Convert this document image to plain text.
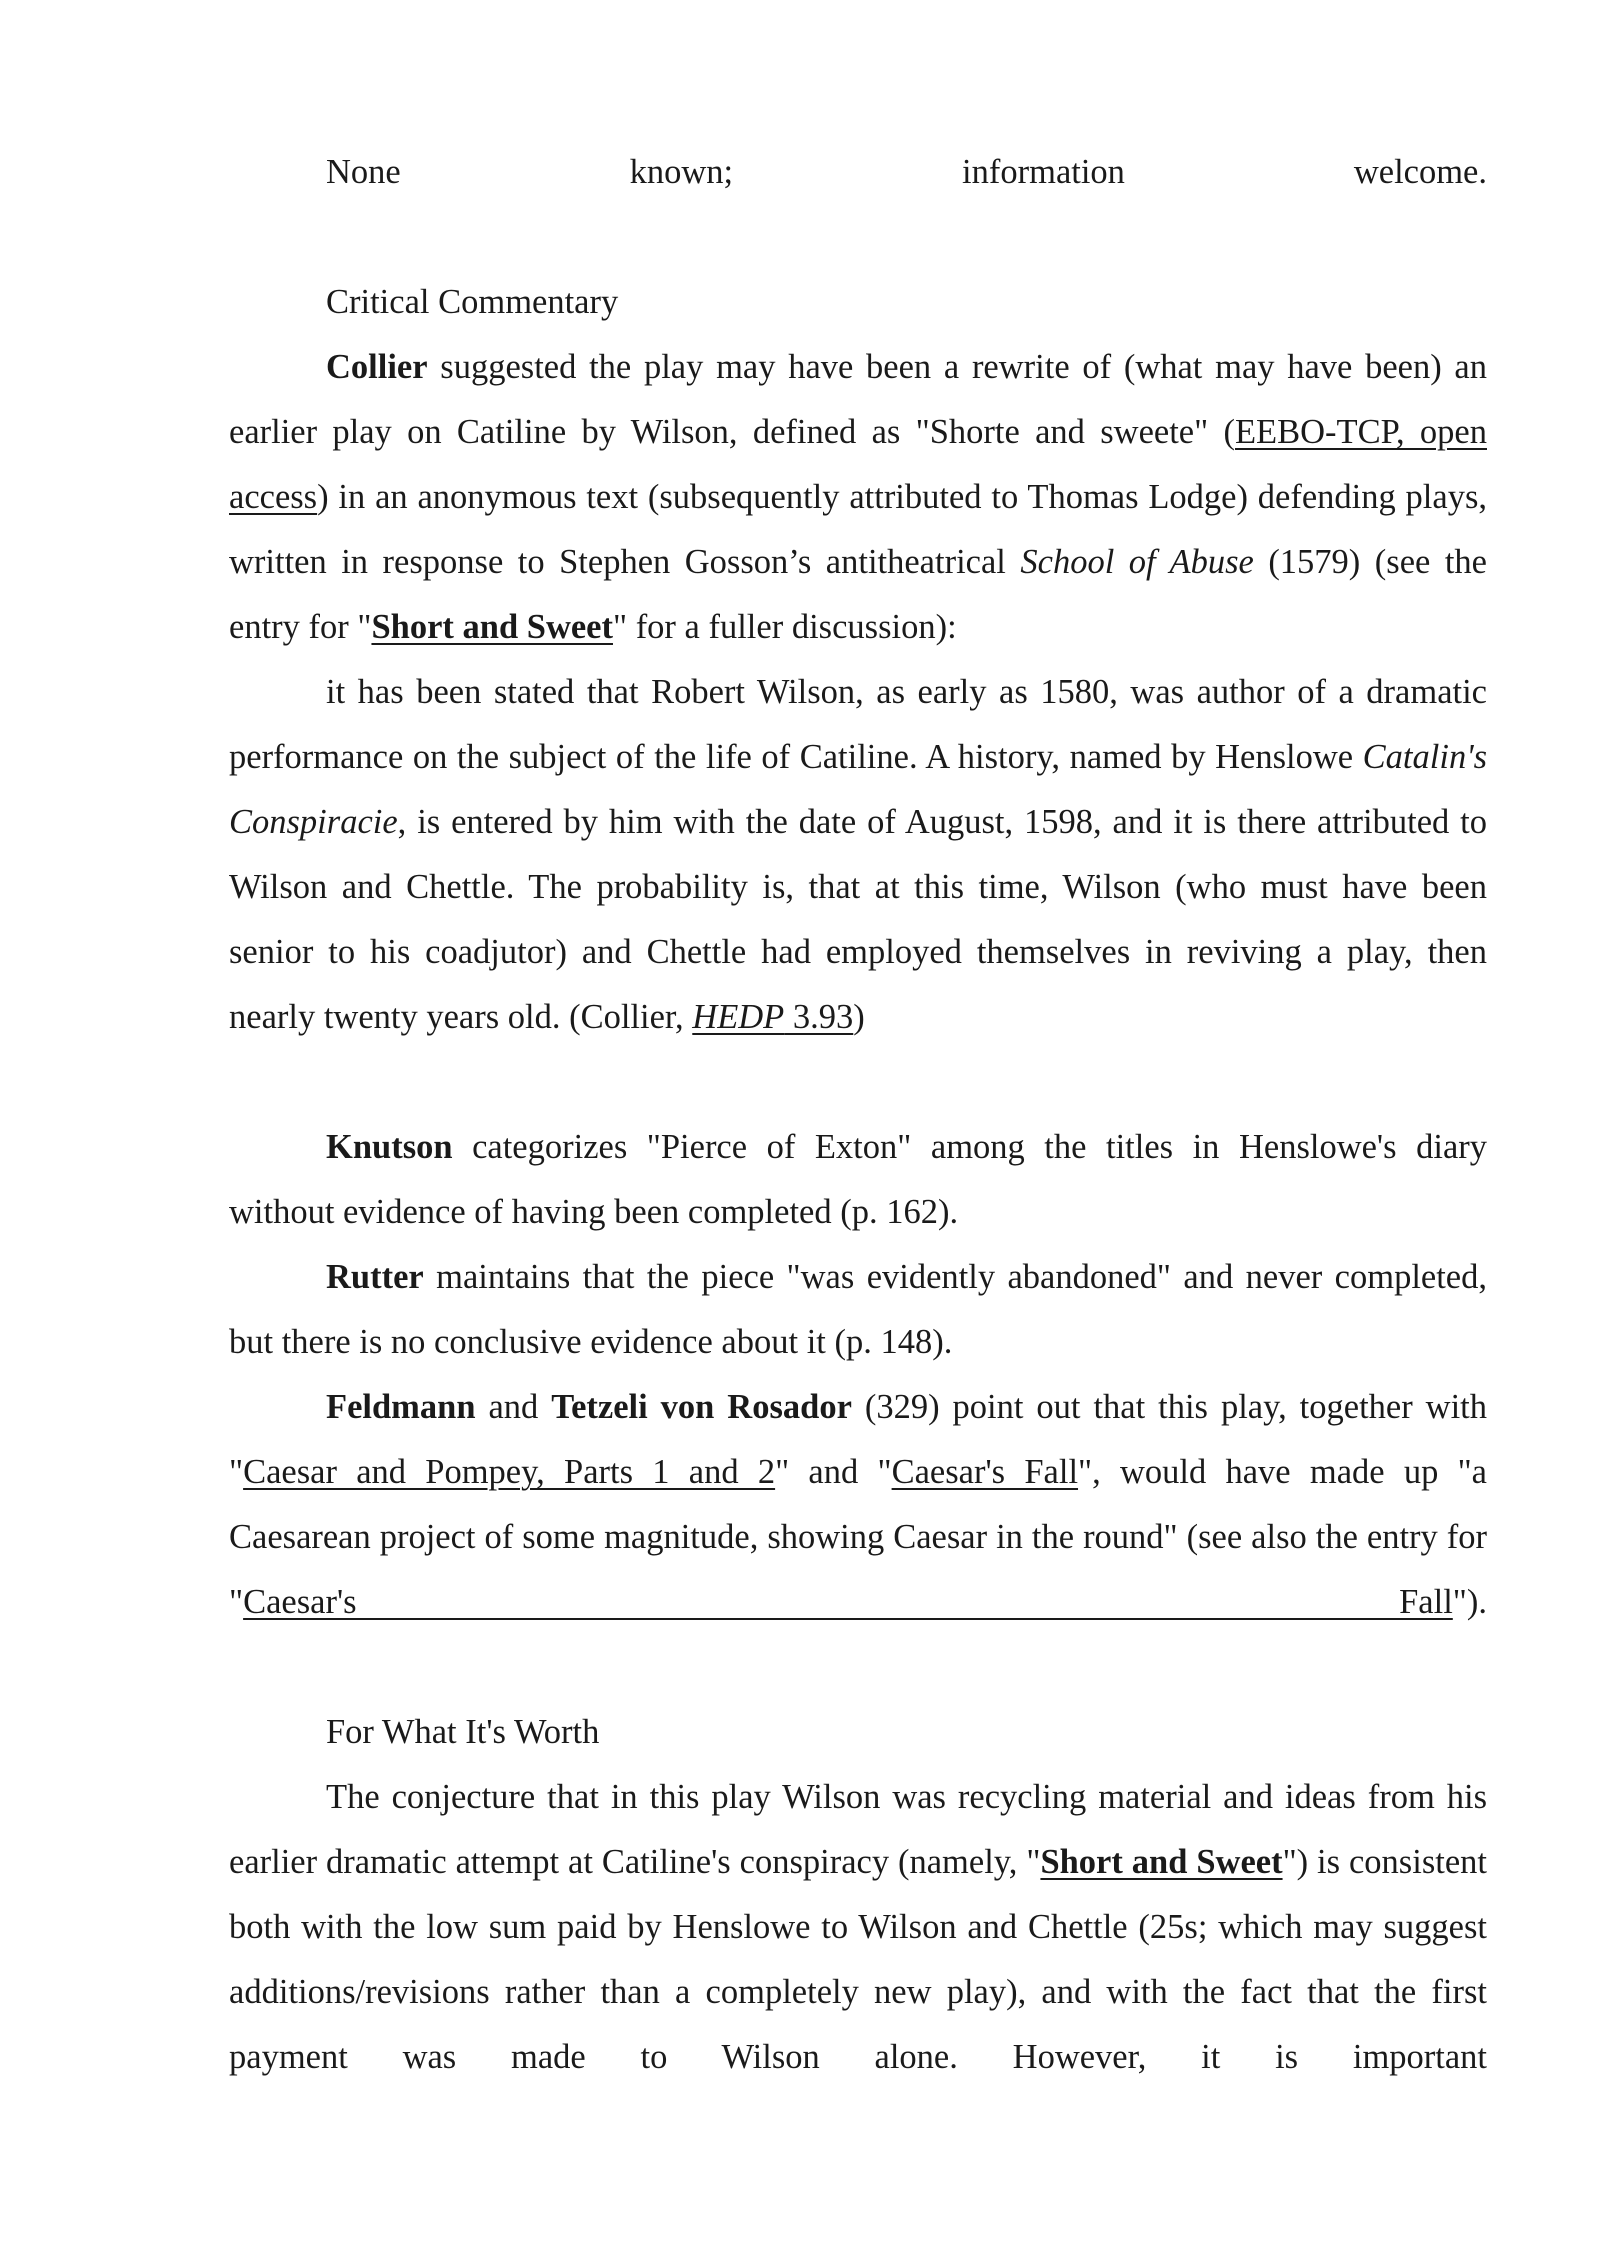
None known; information welcome.

Critical Commentary

Collier suggested the play may have been a rewrite of (what may have been) an earlier play on Catiline by Wilson, defined as "Shorte and sweete" (EEBO-TCP, open access) in an anonymous text (subsequently attributed to Thomas Lodge) defending plays, written in response to Stephen Gosson’s antitheatrical School of Abuse (1579) (see the entry for "Short and Sweet" for a fuller discussion):

it has been stated that Robert Wilson, as early as 1580, was author of a dramatic performance on the subject of the life of Catiline. A history, named by Henslowe Catalin's Conspiracie, is entered by him with the date of August, 1598, and it is there attributed to Wilson and Chettle. The probability is, that at this time, Wilson (who must have been senior to his coadjutor) and Chettle had employed themselves in reviving a play, then nearly twenty years old. (Collier, HEDP 3.93)

Knutson categorizes "Pierce of Exton" among the titles in Henslowe's diary without evidence of having been completed (p. 162).

Rutter maintains that the piece "was evidently abandoned" and never completed, but there is no conclusive evidence about it (p. 148).

Feldmann and Tetzeli von Rosador (329) point out that this play, together with "Caesar and Pompey, Parts 1 and 2" and "Caesar's Fall", would have made up "a Caesarean project of some magnitude, showing Caesar in the round" (see also the entry for "Caesar's Fall").

For What It's Worth

The conjecture that in this play Wilson was recycling material and ideas from his earlier dramatic attempt at Catiline's conspiracy (namely, "Short and Sweet") is consistent both with the low sum paid by Henslowe to Wilson and Chettle (25s; which may suggest additions/revisions rather than a completely new play), and with the fact that the first payment was made to Wilson alone. However, it is important
